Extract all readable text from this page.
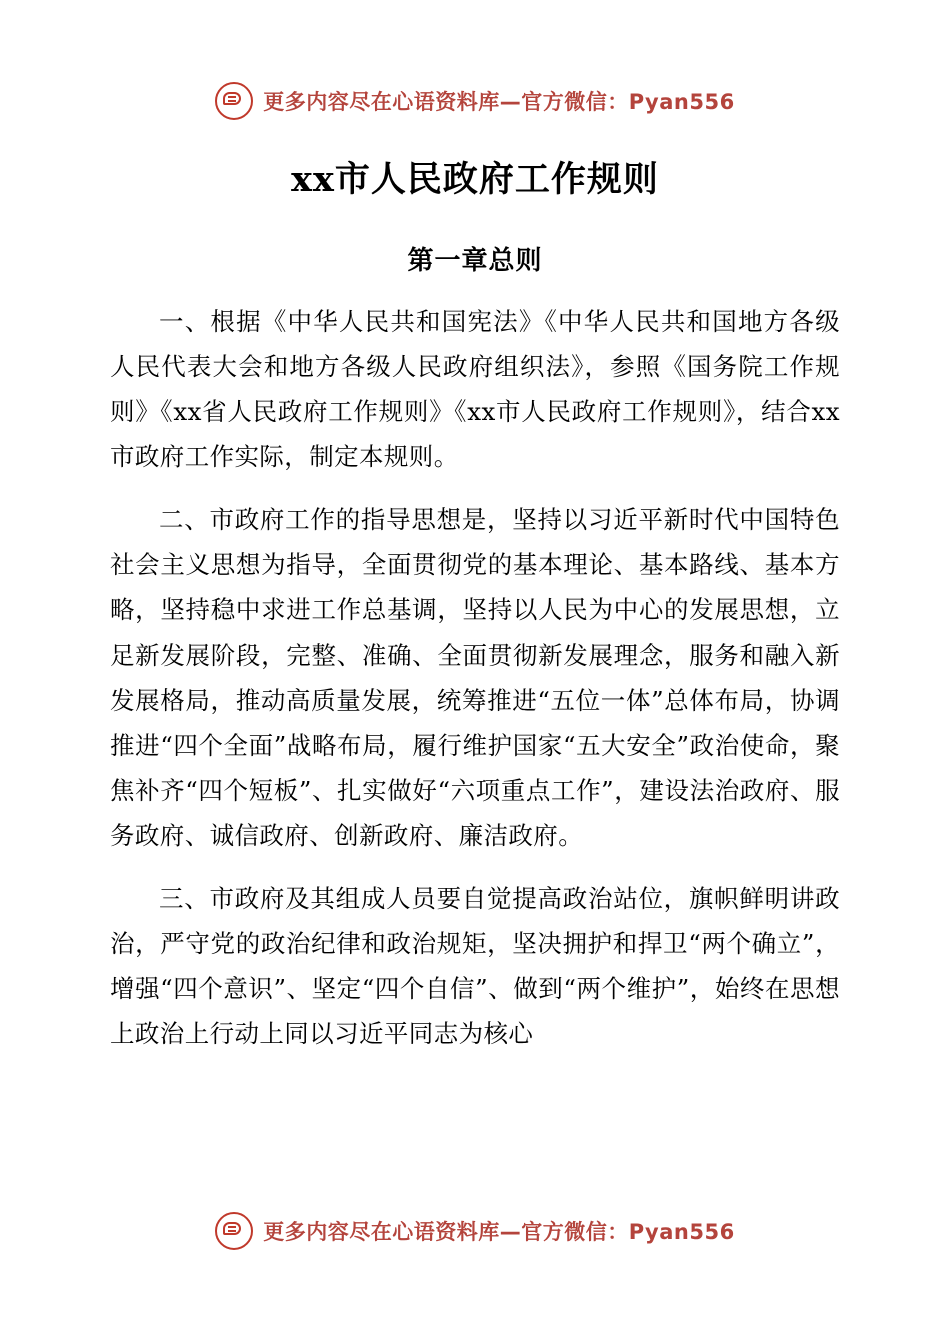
更多内容尽在心语资料库—官方微信：Pyan556
xx市人民政府工作规则
第一章总则

一、根据《中华人民共和国宪法》《中华人民共和国地方各级人民代表大会和地方各级人民政府组织法》，参照《国务院工作规则》《xx省人民政府工作规则》《xx市人民政府工作规则》，结合xx市政府工作实际，制定本规则。

二、市政府工作的指导思想是，坚持以习近平新时代中国特色社会主义思想为指导，全面贯彻党的基本理论、基本路线、基本方略，坚持稳中求进工作总基调，坚持以人民为中心的发展思想，立足新发展阶段，完整、准确、全面贯彻新发展理念，服务和融入新发展格局，推动高质量发展，统筹推进“五位一体”总体布局，协调推进“四个全面”战略布局，履行维护国家“五大安全”政治使命，聚焦补齐“四个短板”、扎实做好“六项重点工作”，建设法治政府、服务政府、诚信政府、创新政府、廉洁政府。

三、市政府及其组成人员要自觉提高政治站位，旗帜鲜明讲政治，严守党的政治纪律和政治规矩，坚决拥护和捍卫“两个确立”，增强“四个意识”、坚定“四个自信”、做到“两个维护”，始终在思想上政治上行动上同以习近平同志为核心

更多内容尽在心语资料库—官方微信：Pyan556
